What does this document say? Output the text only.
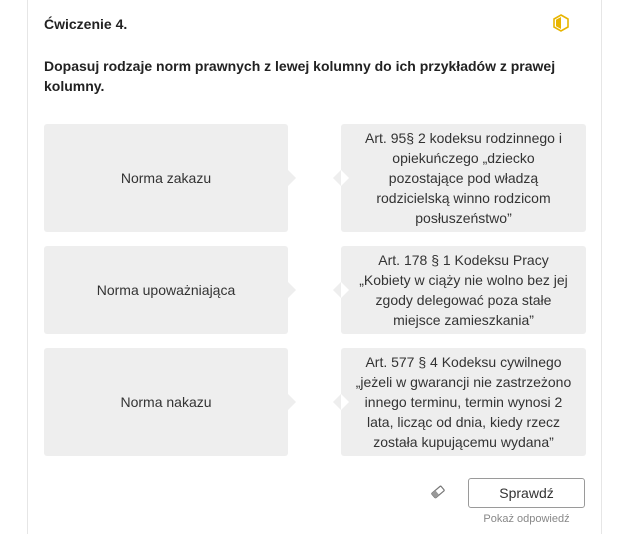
Ćwiczenie 4.
Dopasuj rodzaje norm prawnych z lewej kolumny do ich przykładów z prawej kolumny.
Norma zakazu
Art. 95§ 2 kodeksu rodzinnego i opiekuńczego „dziecko pozostające pod władzą rodzicielską winno rodzicom posłuszeństwo”
Norma upoważniająca
Art. 178 § 1 Kodeksu Pracy „Kobiety w ciąży nie wolno bez jej zgody delegować poza stałe miejsce zamieszkania”
Norma nakazu
Art. 577 § 4 Kodeksu cywilnego „jeżeli w gwarancji nie zastrzeżono innego terminu, termin wynosi 2 lata, licząc od dnia, kiedy rzecz została kupującemu wydana”
Sprawdź
Pokaż odpowiedź
